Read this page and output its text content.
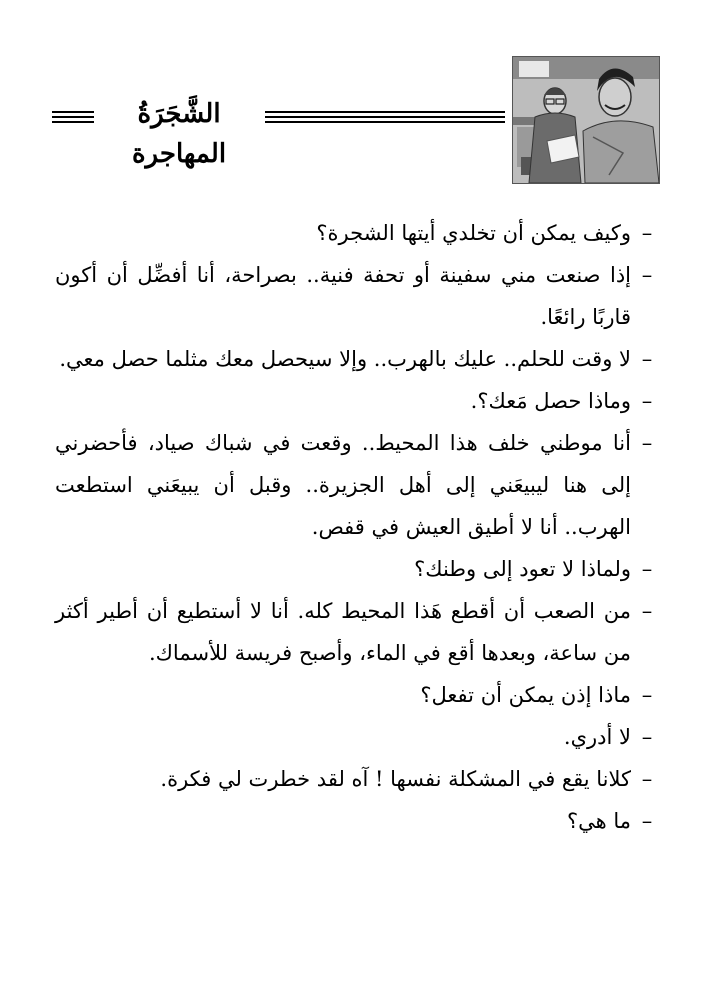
الشَّجَرَةُ المهاجرة
–
وكيف يمكن أن تخلدي أيتها الشجرة؟
–
إذا صنعت مني سفينة أو تحفة فنية.. بصراحة، أنا أفضِّل أن أكون قاربًا رائعًا.
–
لا وقت للحلم.. عليك بالهرب.. وإلا سيحصل معك مثلما حصل معي.
–
وماذا حصل مَعك؟.
–
أنا موطني خلف هذا المحيط.. وقعت في شباك صياد، فأحضرني إلى هنا ليبيعَني إلى أهل الجزيرة.. وقبل أن يبيعَني استطعت الهرب.. أنا لا أطيق العيش في قفص.
–
ولماذا لا تعود إلى وطنك؟
–
من الصعب أن أقطع هَذا المحيط كله. أنا لا أستطيع أن أطير أكثر من ساعة، وبعدها أقع في الماء، وأصبح فريسة للأسماك.
–
ماذا إذن يمكن أن تفعل؟
–
لا أدري.
–
كلانا يقع في المشكلة نفسها ! آه لقد خطرت لي فكرة.
–
ما هي؟
